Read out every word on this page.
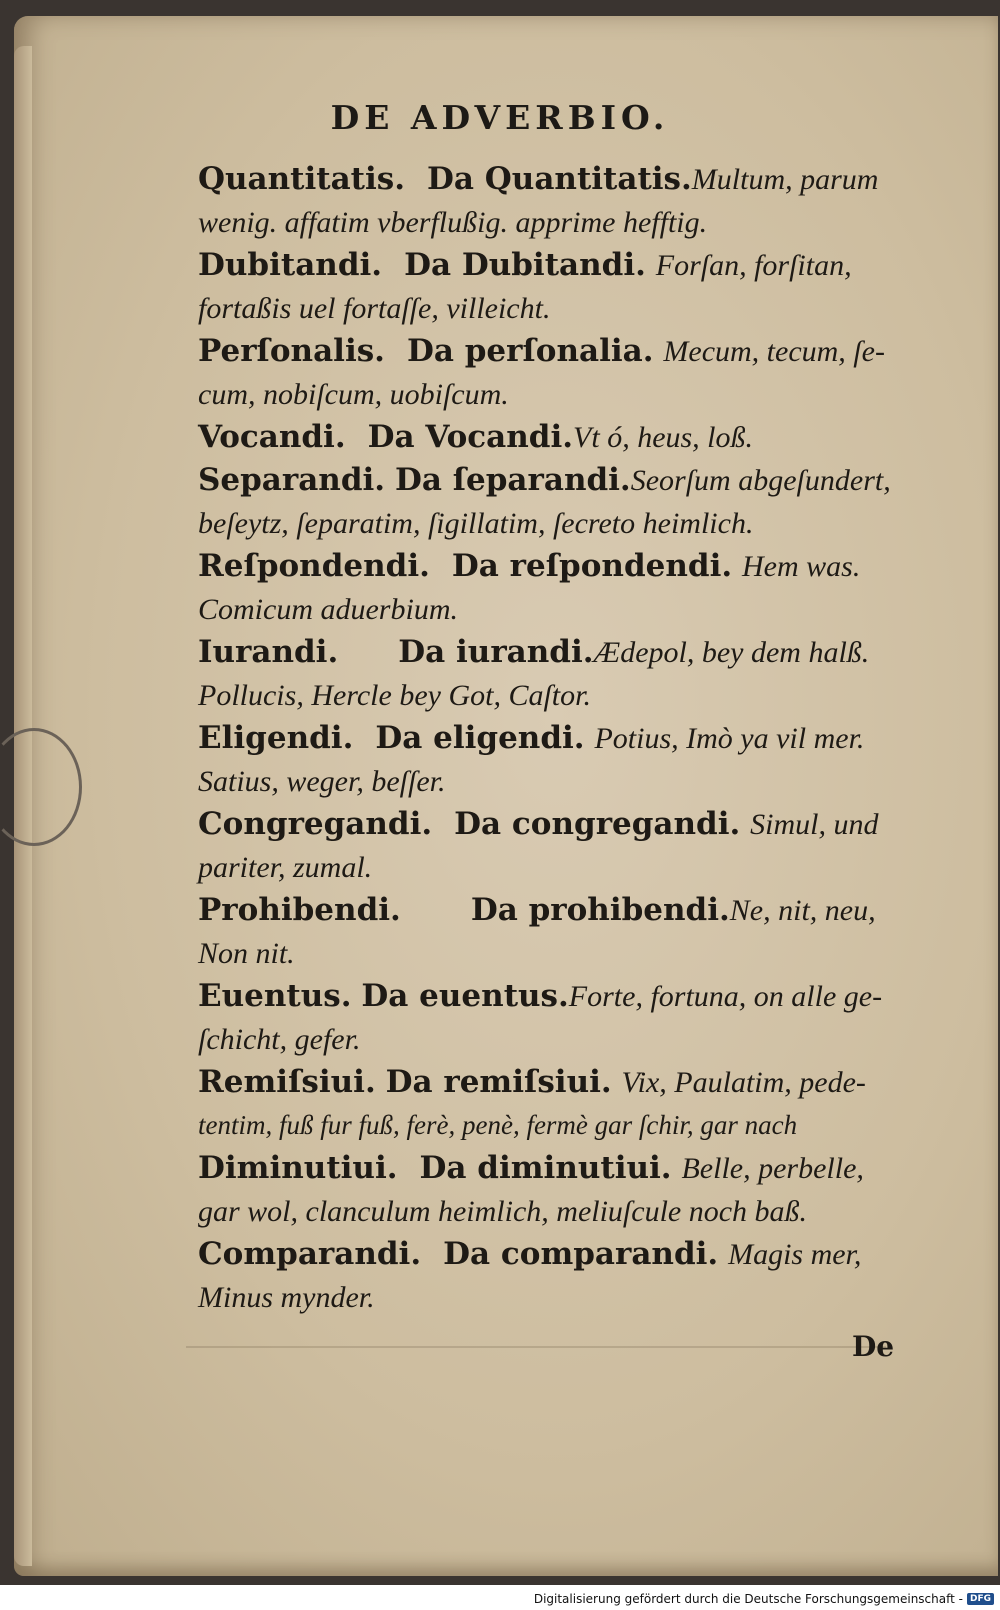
DE ADVERBIO.
Quantitatis. Da Quantitatis.Multum, parum
wenig. affatim vberflußig. apprime hefftig.
Dubitandi. Da Dubitandi. Forſan, forſitan,
fortaßis uel fortaſſe, villeicht.
Perſonalis. Da perſonalia. Mecum, tecum, ſe-
cum, nobiſcum, uobiſcum.
Vocandi. Da Vocandi.Vt ó, heus, loß.
Separandi. Da ſeparandi.Seorſum abgeſundert,
beſeytz, ſeparatim, ſigillatim, ſecreto heimlich.
Reſpondendi. Da reſpondendi. Hem was.
Comicum aduerbium.
Iurandi. Da iurandi.Ædepol, bey dem halß.
Pollucis, Hercle bey Got, Caſtor.
Eligendi. Da eligendi. Potius, Imò ya vil mer.
Satius, weger, beſſer.
Congregandi. Da congregandi. Simul, und
pariter, zumal.
Prohibendi. Da prohibendi.Ne, nit, neu,
Non nit.
Euentus. Da euentus.Forte, fortuna, on alle ge-
ſchicht, gefer.
Remiſsiui. Da remiſsiui. Vix, Paulatim, pede-
tentim, fuß fur fuß, ferè, penè, fermè gar ſchir, gar nach
Diminutiui. Da diminutiui. Belle, perbelle,
gar wol, clanculum heimlich, meliuſcule noch baß.
Comparandi. Da comparandi. Magis mer,
Minus mynder.
De
Digitalisierung gefördert durch die Deutsche Forschungsgemeinschaft - DFG
